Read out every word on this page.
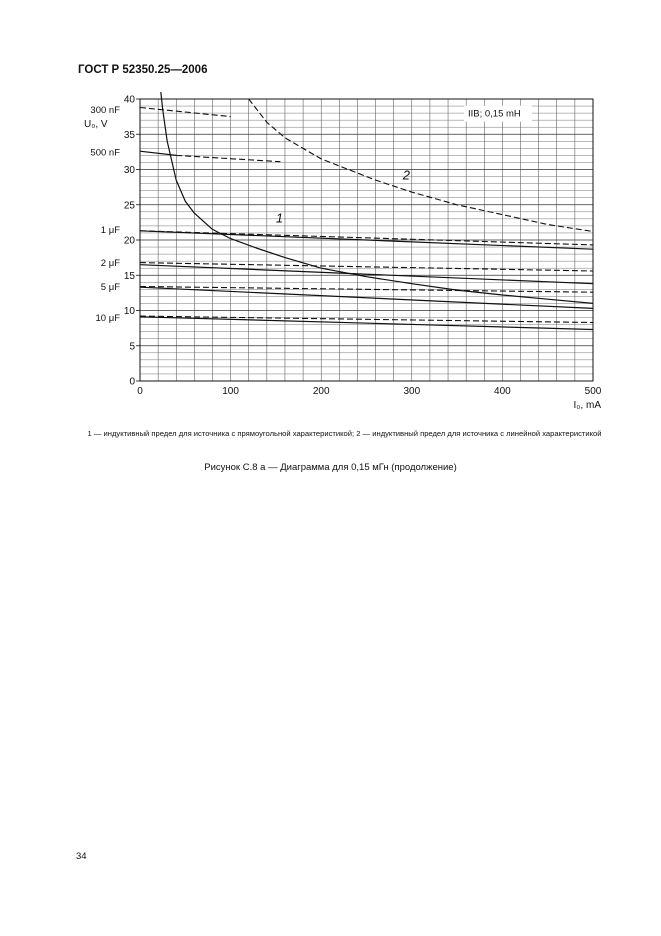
ГОСТ Р 52350.25—2006
0
5
10
15
20
25
30
35
40
0	100	200	300	400	500
U₀, V
I₀, mA
300 nF
500 nF
1 μF
2 μF
5 μF
10 μF
IIB; 0,15 mH
1
2
1 — индуктивный предел для источника с прямоугольной характеристикой; 2 — индуктивный предел для источника с линейной характеристикой
Рисунок С.8 а — Диаграмма для 0,15 мГн (продолжение)
34
